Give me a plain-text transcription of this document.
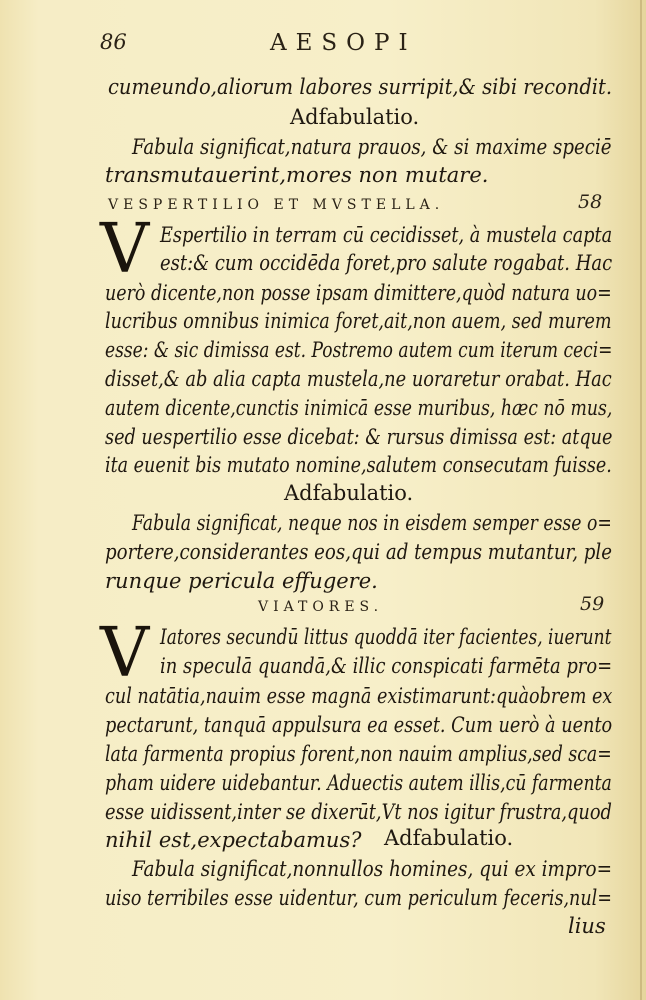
86	AESOPI
cumeundo,aliorum labores surripit,& sibi recondit.
Adfabulatio.
Fabula significat,natura prauos, & si maxime speciē
transmutauerint,mores non mutare.
VESPERTILIO ET MVSTELLA.	58
V Espertilio in terram cū cecidisset, à mustela capta
est:& cum occidēda foret,pro salute rogabat. Hac
uerò dicente,non posse ipsam dimittere,quòd natura uo=
lucribus omnibus inimica foret,ait,non auem, sed murem
esse: & sic dimissa est. Postremo autem cum iterum ceci=
disset,& ab alia capta mustela,ne uoraretur orabat. Hac
autem dicente,cunctis inimicā esse muribus, hæc nō mus,
sed uespertilio esse dicebat: & rursus dimissa est: atque
ita euenit bis mutato nomine,salutem consecutam fuisse.
Adfabulatio.
Fabula significat, neque nos in eisdem semper esse o=
portere,considerantes eos,qui ad tempus mutantur, ple
runque pericula effugere.
VIATORES.	59
V Iatores secundū littus quoddā iter facientes, iuerunt
in speculā quandā,& illic conspicati farmēta pro=
cul natātia,nauim esse magnā existimarunt:quàobrem ex
pectarunt, tanquā appulsura ea esset. Cum uerò à uento
lata farmenta propius forent,non nauim amplius,sed sca=
pham uidere uidebantur. Aduectis autem illis,cū farmenta
esse uidissent,inter se dixerūt,Vt nos igitur frustra,quod
nihil est,expectabamus? Adfabulatio.
Fabula significat,nonnullos homines, qui ex impro=
uiso terribiles esse uidentur, cum periculum feceris,nul=
lius
